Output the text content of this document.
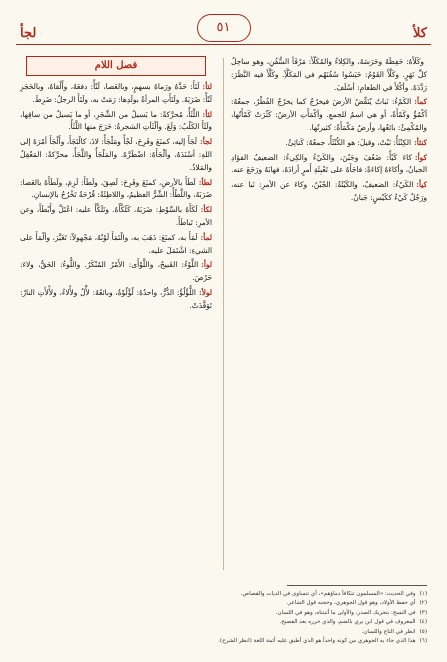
كلأ
٥١
لجأ
وكَلَأَهُ: حَفِظَهُ وحَرَسَهُ، والكِلاءُ والمُكَلَّأُ: مَرْفَأُ السُّفُنِ، وهو ساحِلُ كلِّ نَهَرٍ. وكَلَّأَ القَوْمُ: حَبَسُوا سُفُنَهُم في المَكَلَّأِ. وكَلَّأَ فيه النَّظَرَ: رَدَّدَهُ. وأكْلأَ في الطعامِ: أسْلَفَ.
كمأ:الكَمْءُ: نَباتٌ يُنَقِّضُ الأرضَ فيخرُجُ كما يخرُجُ الفُطْرُ، جمعُهُ: أكْمُؤٌ وكَمْأَةٌ، أو هي اسمٌ للجمعِ. وأكْمَأَتِ الأرضُ: كَثُرَتْ كَمْأَتُها، والمُكْمِئُ: بائعُها، وأرضٌ مَكْمَأَةٌ: كثيرتُها.
كنثأ:الكِنْثَأُ: نَبْتٌ، وقيلَ: هو الكُنْثَأُ، جمعُهُ: كَناثِئُ.
كوأ:كاءَ كَيْأً: ضَعُفَ وجَبُنَ، والكَيْءُ والكِيءُ: الضعيفُ الفؤادِ الجبانُ، وأكاءَهُ إكاءَةً: فاجَأَهُ على تَعْبِئَةِ أَمرٍ أرادَهُ، فهابَهُ ورَجَعَ عنه.
كيأ:الكَيْءُ: الضعيفُ، والكَيْئَةُ: الجُبْنُ، وكاءَ عن الأمرِ: نَبا عنه، ورَجُلٌ كَيْءٌ ككَيْسٍ: جَبانٌ.
فصل اللام
لتأ:لَتَأَ: حَدَّهُ ورَماهُ بسهمٍ، وبالعَصا، لَتْأً: دفعَهُ، وأَلْقاهُ، وبالحَجَرِ لَتْأً: ضَرَبَهُ. ولَتَأَتِ المرأةُ بولَدِها: رَمَتْ به، ولَتَأَ الرجلُ: ضَرِطَ.
لثأ:اللَّثَأُ، مُحرَّكةً: ما يَسيلُ من الشَّجَرِ، أو ما يَسيلُ من ساقِها، ولَثَأَ الكَلْبُ: وَلَغَ. وألْثَأتِ الشجرةُ: خَرَجَ منها اللَّثَأُ.
لجأ:لَجَأَ إليه، كمنَعَ وفَرِحَ، لَجْأً ومَلْجَأً: لاذَ، كالْتَجَأَ، وأَلْجَأَ أمْرَهُ إلى اللهِ: أسْنَدَهُ، وألْجَأَهُ: اضْطَرَّهُ. والمَلْجَأُ واللَّجَأُ، محرَّكةً: المَعْقِلُ والمَلاذُ.
لطأ:لَطَأَ بالأرضِ، كمنَعَ وفَرِحَ: لَصِقَ، ولَطَأَ: لَزِمَ، ولَطَأَهُ بالعَصا: ضَرَبَهُ، واللَّطْأُ: الشَّرُّ العظيمُ، واللاطِئَةُ: قُرْحَةٌ تَخْرُجُ بالإنسانِ.
لكأ:لَكَأَهُ بالسَّوْطِ: ضَرَبَهُ، كَلَكَّأَهُ. وتَلَكَّأَ عليه: اعْتَلَّ وأَبْطَأَ، وعن الأمرِ: تَباطَأَ.
لمأ:لَمَأَ به، كمنَعَ: ذَهَبَ به، والْتَمَأَ لَوْنُهُ، مَجْهولاً: تَغَيَّرَ، وألْمَأَ على الشيءِ: اشْتَمَلَ عليه.
لوأ:اللَّوْءُ: القَبيحُ، واللَّوْأَى: الأَمْرُ المُنْكَرُ. واللُّوءُ: الحَقُّ، ولاءَ: حَرُصَ.
لولأ:اللُّؤْلُؤُ: الدُّرُّ، واحدُهُ: لُؤْلُؤَةٌ، وبائعُهُ: لأَّلٌ ولأْلاءٌ، ولأْلأَتِ النارُ: تَوَقَّدَتْ.
(١)وفي الحديث: «المسلمون تتكافأ دماؤهم»، أي تتساوى في الديات والقصاص.
(٢)أي حفظ الأولاد، وهو قول الجوهري، وحجته قول الشاعر.
(٣)في النسخ: بتحريك الصدر، والأولى ما أثبتناه، وهو في اللسان.
(٤)المعروف في قول ابن بري بالضم، والذي حرره بعد الفصيح.
(٥)انظر في التاج واللسان.
(٦)هذا الذي جاء به الجوهري من كونه واحداً هو الذي أطبق عليه أئمة اللغة (انظر الشرح).
